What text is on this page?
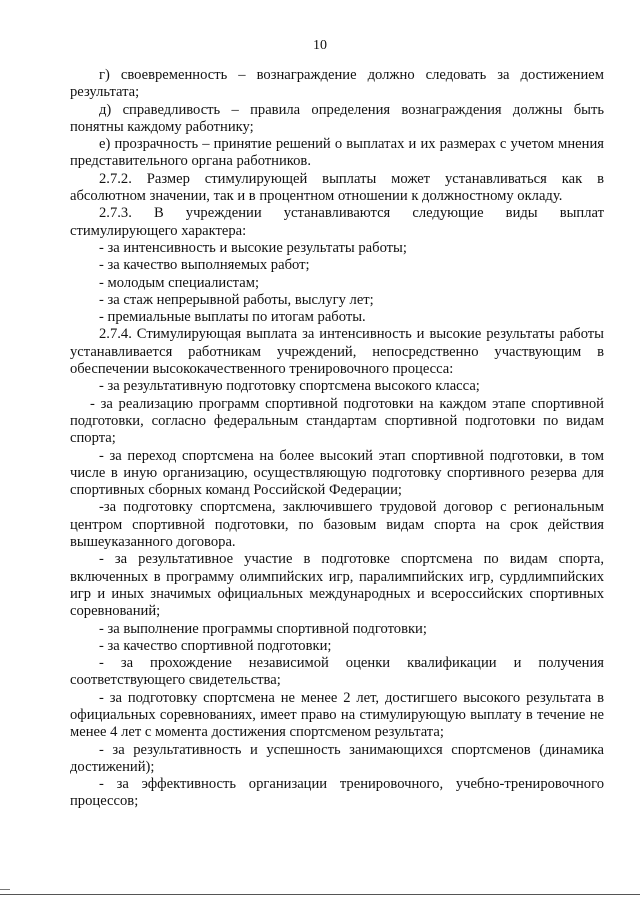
10

г) своевременность – вознаграждение должно следовать за достижением результата;

д) справедливость – правила определения вознаграждения должны быть понятны каждому работнику;

е) прозрачность – принятие решений о выплатах и их размерах с учетом мнения представительного органа работников.

2.7.2. Размер стимулирующей выплаты может устанавливаться как в абсолютном значении, так и в процентном отношении к должностному окладу.

2.7.3. В учреждении устанавливаются следующие виды выплат стимулирующего характера:

- за интенсивность и высокие результаты работы;

- за качество выполняемых работ;

- молодым специалистам;

- за стаж непрерывной работы, выслугу лет;

- премиальные выплаты по итогам работы.

2.7.4. Стимулирующая выплата за интенсивность и высокие результаты работы устанавливается работникам учреждений, непосредственно участвующим в обеспечении высококачественного тренировочного процесса:

- за результативную подготовку спортсмена высокого класса;

- за реализацию программ спортивной подготовки на каждом этапе спортивной подготовки, согласно федеральным стандартам спортивной подготовки по видам спорта;

- за переход спортсмена на более высокий этап спортивной подготовки, в том числе в иную организацию, осуществляющую подготовку спортивного резерва для спортивных сборных команд Российской Федерации;

-за подготовку спортсмена, заключившего трудовой договор с региональным центром спортивной подготовки, по базовым видам спорта на срок действия вышеуказанного договора.

- за результативное участие в подготовке спортсмена по видам спорта, включенных в программу олимпийских игр, паралимпийских игр, сурдлимпийских игр и иных значимых официальных международных и всероссийских спортивных соревнований;

- за выполнение программы спортивной подготовки;

- за качество спортивной подготовки;

- за прохождение независимой оценки квалификации и получения соответствующего свидетельства;

- за подготовку спортсмена не менее 2 лет, достигшего высокого результата в официальных соревнованиях, имеет право на стимулирующую выплату в течение не менее 4 лет с момента достижения спортсменом результата;

- за результативность и успешность занимающихся спортсменов (динамика достижений);

- за эффективность организации тренировочного, учебно-тренировочного процессов;
